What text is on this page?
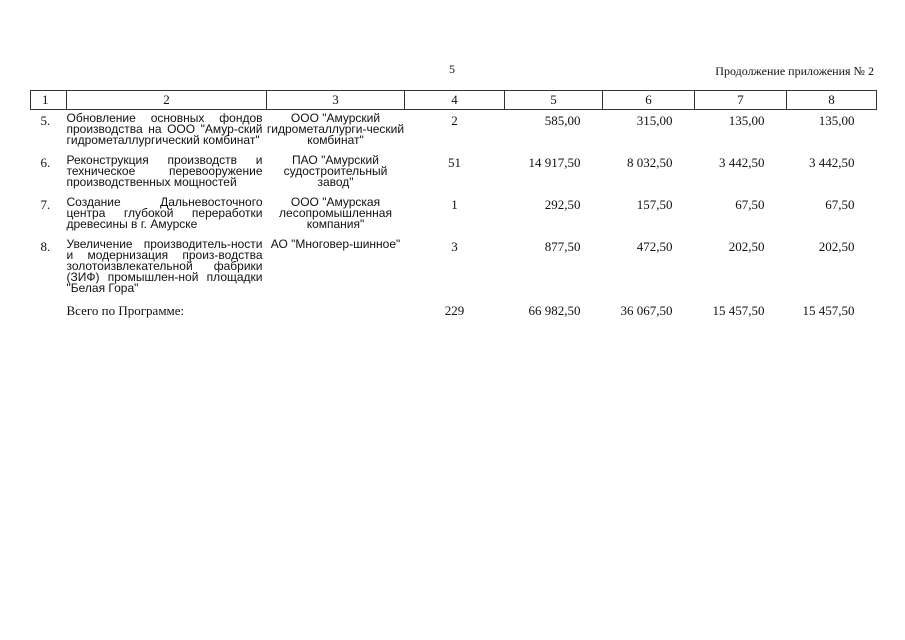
5	Продолжение приложения № 2
1	2	3	4	5	6	7	8
5.	Обновление основных фондов производства на ООО "Амур-ский гидрометаллургический комбинат"	ООО "Амурский гидрометаллурги-ческий комбинат"	2	585,00	315,00	135,00	135,00
6.	Реконструкция производств и техническое перевооружение производственных мощностей	ПАО "Амурский судостроительный завод"	51	14 917,50	8 032,50	3 442,50	3 442,50
7.	Создание Дальневосточного центра глубокой переработки древесины в г. Амурске	ООО "Амурская лесопромышленная компания"	1	292,50	157,50	67,50	67,50
8.	Увеличение производитель-ности и модернизация произ-водства золотоизвлекательной фабрики (ЗИФ) промышлен-ной площадки "Белая Гора"	АО "Многовер-шинное"	3	877,50	472,50	202,50	202,50
	Всего по Программе:		229	66 982,50	36 067,50	15 457,50	15 457,50
